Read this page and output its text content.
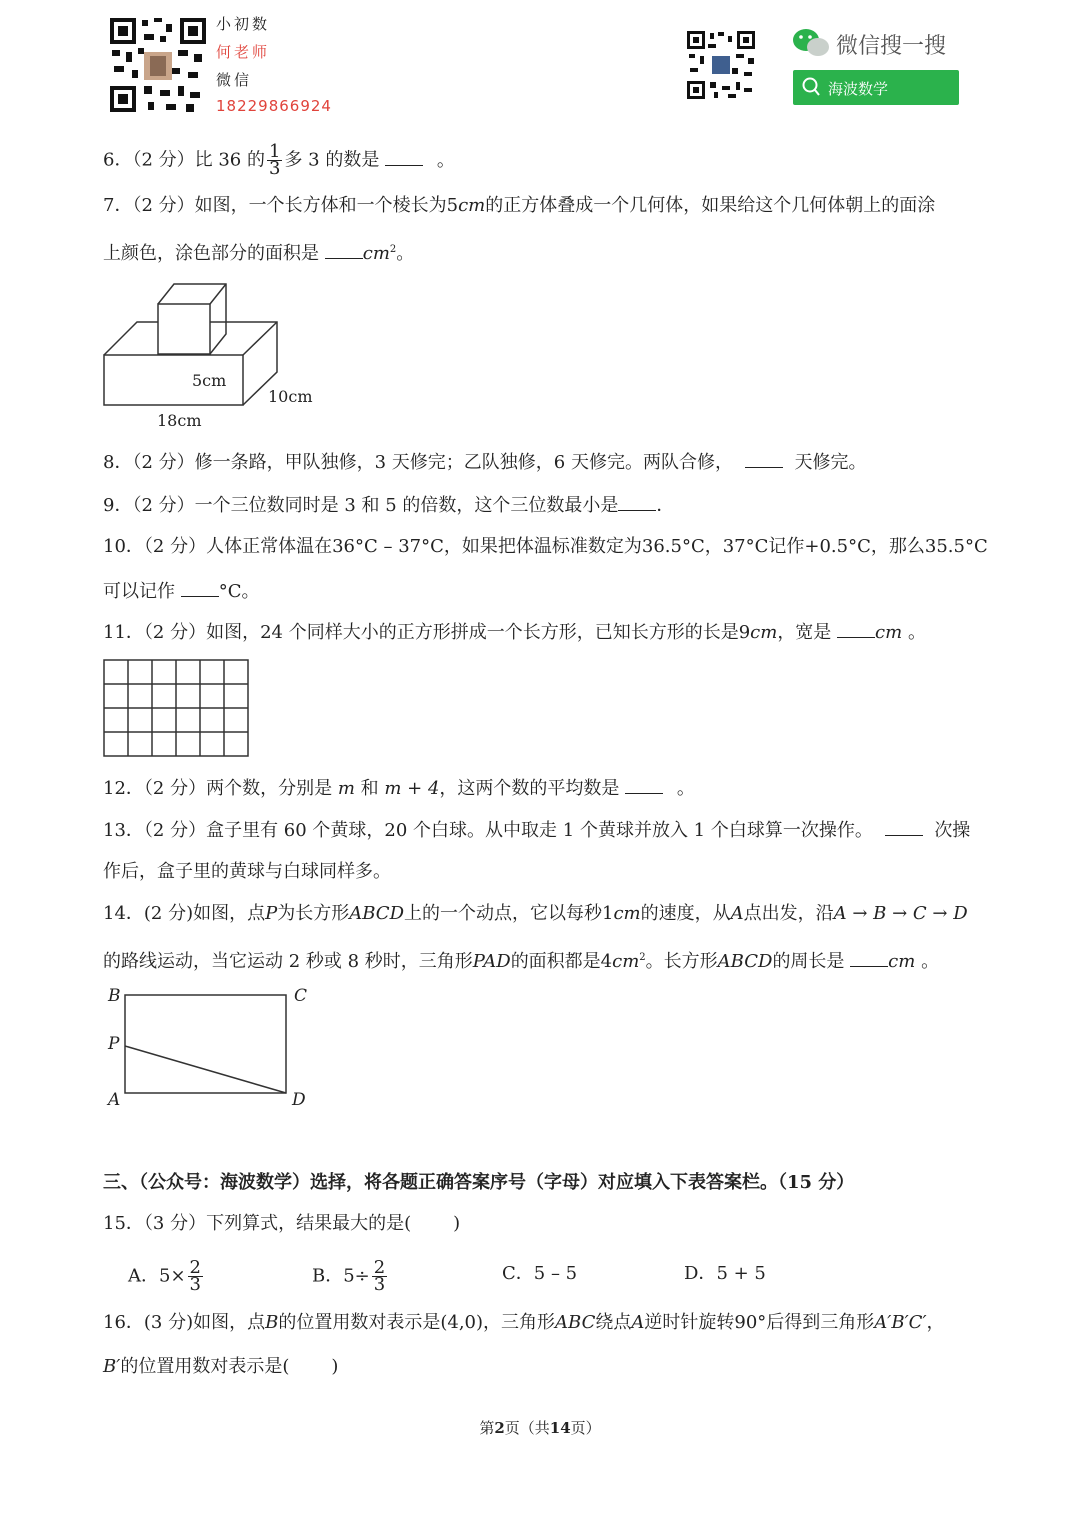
小初数
何老师
微信
18229866924
微信搜一搜
海波数学
6．（2 分）比 36 的 $\frac{1}{3}$ 多 3 的数是	。
7．（2 分）如图，一个长方体和一个棱长为5cm的正方体叠成一个几何体，如果给这个几何体朝上的面涂
上颜色，涂色部分的面积是 $cm^2$。
5cm
10cm
18cm
8．（2 分）修一条路，甲队独修，3 天修完；乙队独修，6 天修完。两队合修，	天修完。
9．（2 分）一个三位数同时是 3 和 5 的倍数，这个三位数最小是 ．
10．（2 分）人体正常体温在36°C – 37°C，如果把体温标准数定为36.5°C，37°C记作+0.5°C，那么35.5°C
可以记作 °C。
11．（2 分）如图，24 个同样大小的正方形拼成一个长方形，已知长方形的长是9cm，宽是 cm 。
12．（2 分）两个数，分别是 m 和 m + 4，这两个数的平均数是	。
13．（2 分）盒子里有 60 个黄球，20 个白球。从中取走 1 个黄球并放入 1 个白球算一次操作。	次操
作后，盒子里的黄球与白球同样多。
14．(2 分)如图，点P为长方形ABCD上的一个动点，它以每秒1cm的速度，从A点出发，沿A → B → C → D
的路线运动，当它运动 2 秒或 8 秒时，三角形PAD的面积都是$4cm^2$。长方形ABCD的周长是 cm 。
B	C
P
A	D
三、（公众号：海波数学）选择，将各题正确答案序号（字母）对应填入下表答案栏。（15 分）
15．（3 分）下列算式，结果最大的是( )
A．$5\times \frac{2}{3}$	B．$5\div \frac{2}{3}$	C．5 – 5	D．5 + 5
16．(3 分)如图，点B的位置用数对表示是(4,0)，三角形ABC绕点A逆时针旋转90°后得到三角形A′B′C′，
B′的位置用数对表示是( )
第2页（共14页）
